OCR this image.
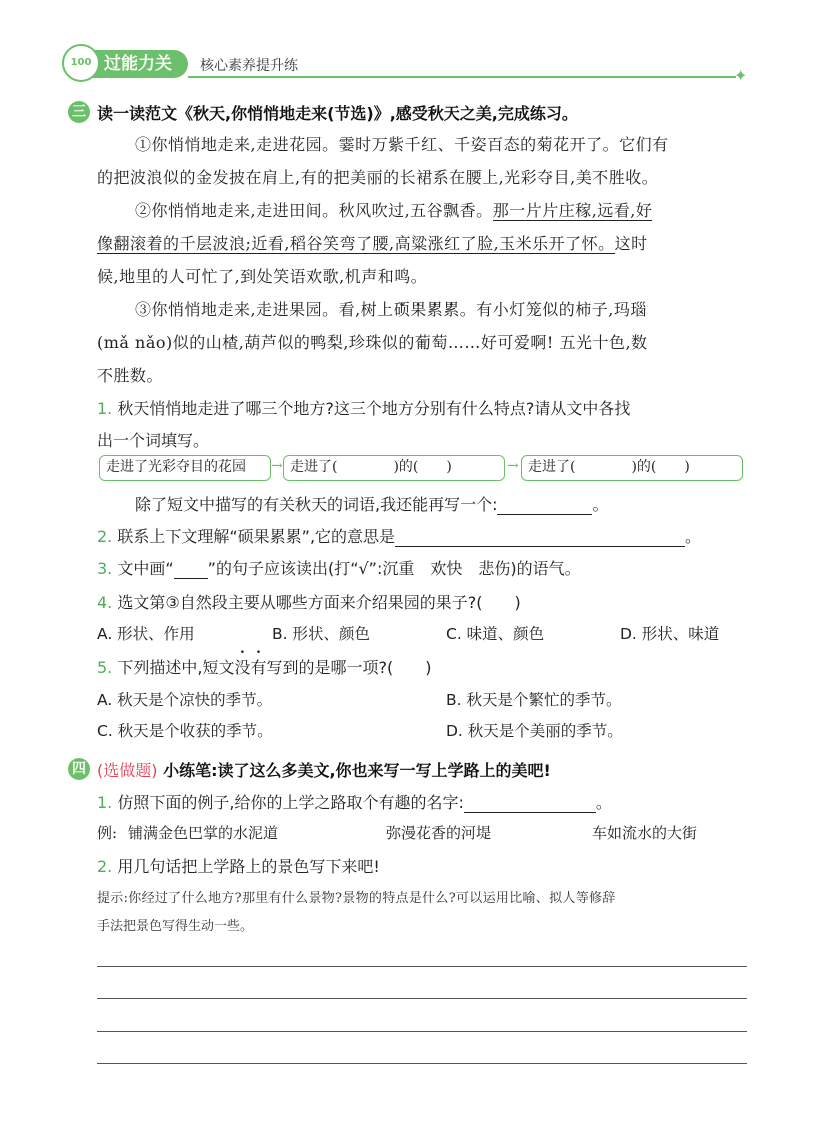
过能力关
100	核心素养提升练	✦
三 读一读范文《秋天,你悄悄地走来(节选)》,感受秋天之美,完成练习。
①你悄悄地走来,走进花园。霎时万紫千红、千姿百态的菊花开了。它们有
的把波浪似的金发披在肩上,有的把美丽的长裙系在腰上,光彩夺目,美不胜收。
②你悄悄地走来,走进田间。秋风吹过,五谷飘香。那一片片庄稼,远看,好
像翻滚着的千层波浪;近看,稻谷笑弯了腰,高粱涨红了脸,玉米乐开了怀。这时
候,地里的人可忙了,到处笑语欢歌,机声和鸣。
③你悄悄地走来,走进果园。看,树上硕 •果 •累 •累 •。有小灯笼似的柿子,玛瑙
(mǎ nǎo)似的山楂,葫芦似的鸭梨,珍珠似的葡萄……好可爱啊! 五光十色,数
不胜数。
1. 秋天悄悄地走进了哪三个地方?这三个地方分别有什么特点?请从文中各找
出一个词填写。
走进了光彩夺目的花园	→ 走进了(　　　　)的(　　)	→ 走进了(　　　　)的(　　)
除了短文中描写的有关秋天的词语,我还能再写一个:	。
2. 联系上下文理解“硕果累累”,它的意思是	。
3. 文中画“ ”的句子应该读出(打“√”:沉重　欢快　悲伤)的语气。
4. 选文第③自然段主要从哪些方面来介绍果园的果子?(　　)
A. 形状、作用	B. 形状、颜色	C. 味道、颜色	D. 形状、味道
5. 下列描述中,短文没有写到的是哪一项?(　　)
A. 秋天是个凉快的季节。	B. 秋天是个繁忙的季节。
C. 秋天是个收获的季节。	D. 秋天是个美丽的季节。
四 (选做题) 小练笔:读了这么多美文,你也来写一写上学路上的美吧!
1. 仿照下面的例子,给你的上学之路取个有趣的名字:	。
例: 铺满金色巴掌的水泥道	弥漫花香的河堤	车如流水的大街
2. 用几句话把上学路上的景色写下来吧!
提示:你经过了什么地方?那里有什么景物?景物的特点是什么?可以运用比喻、拟人等修辞
手法把景色写得生动一些。
